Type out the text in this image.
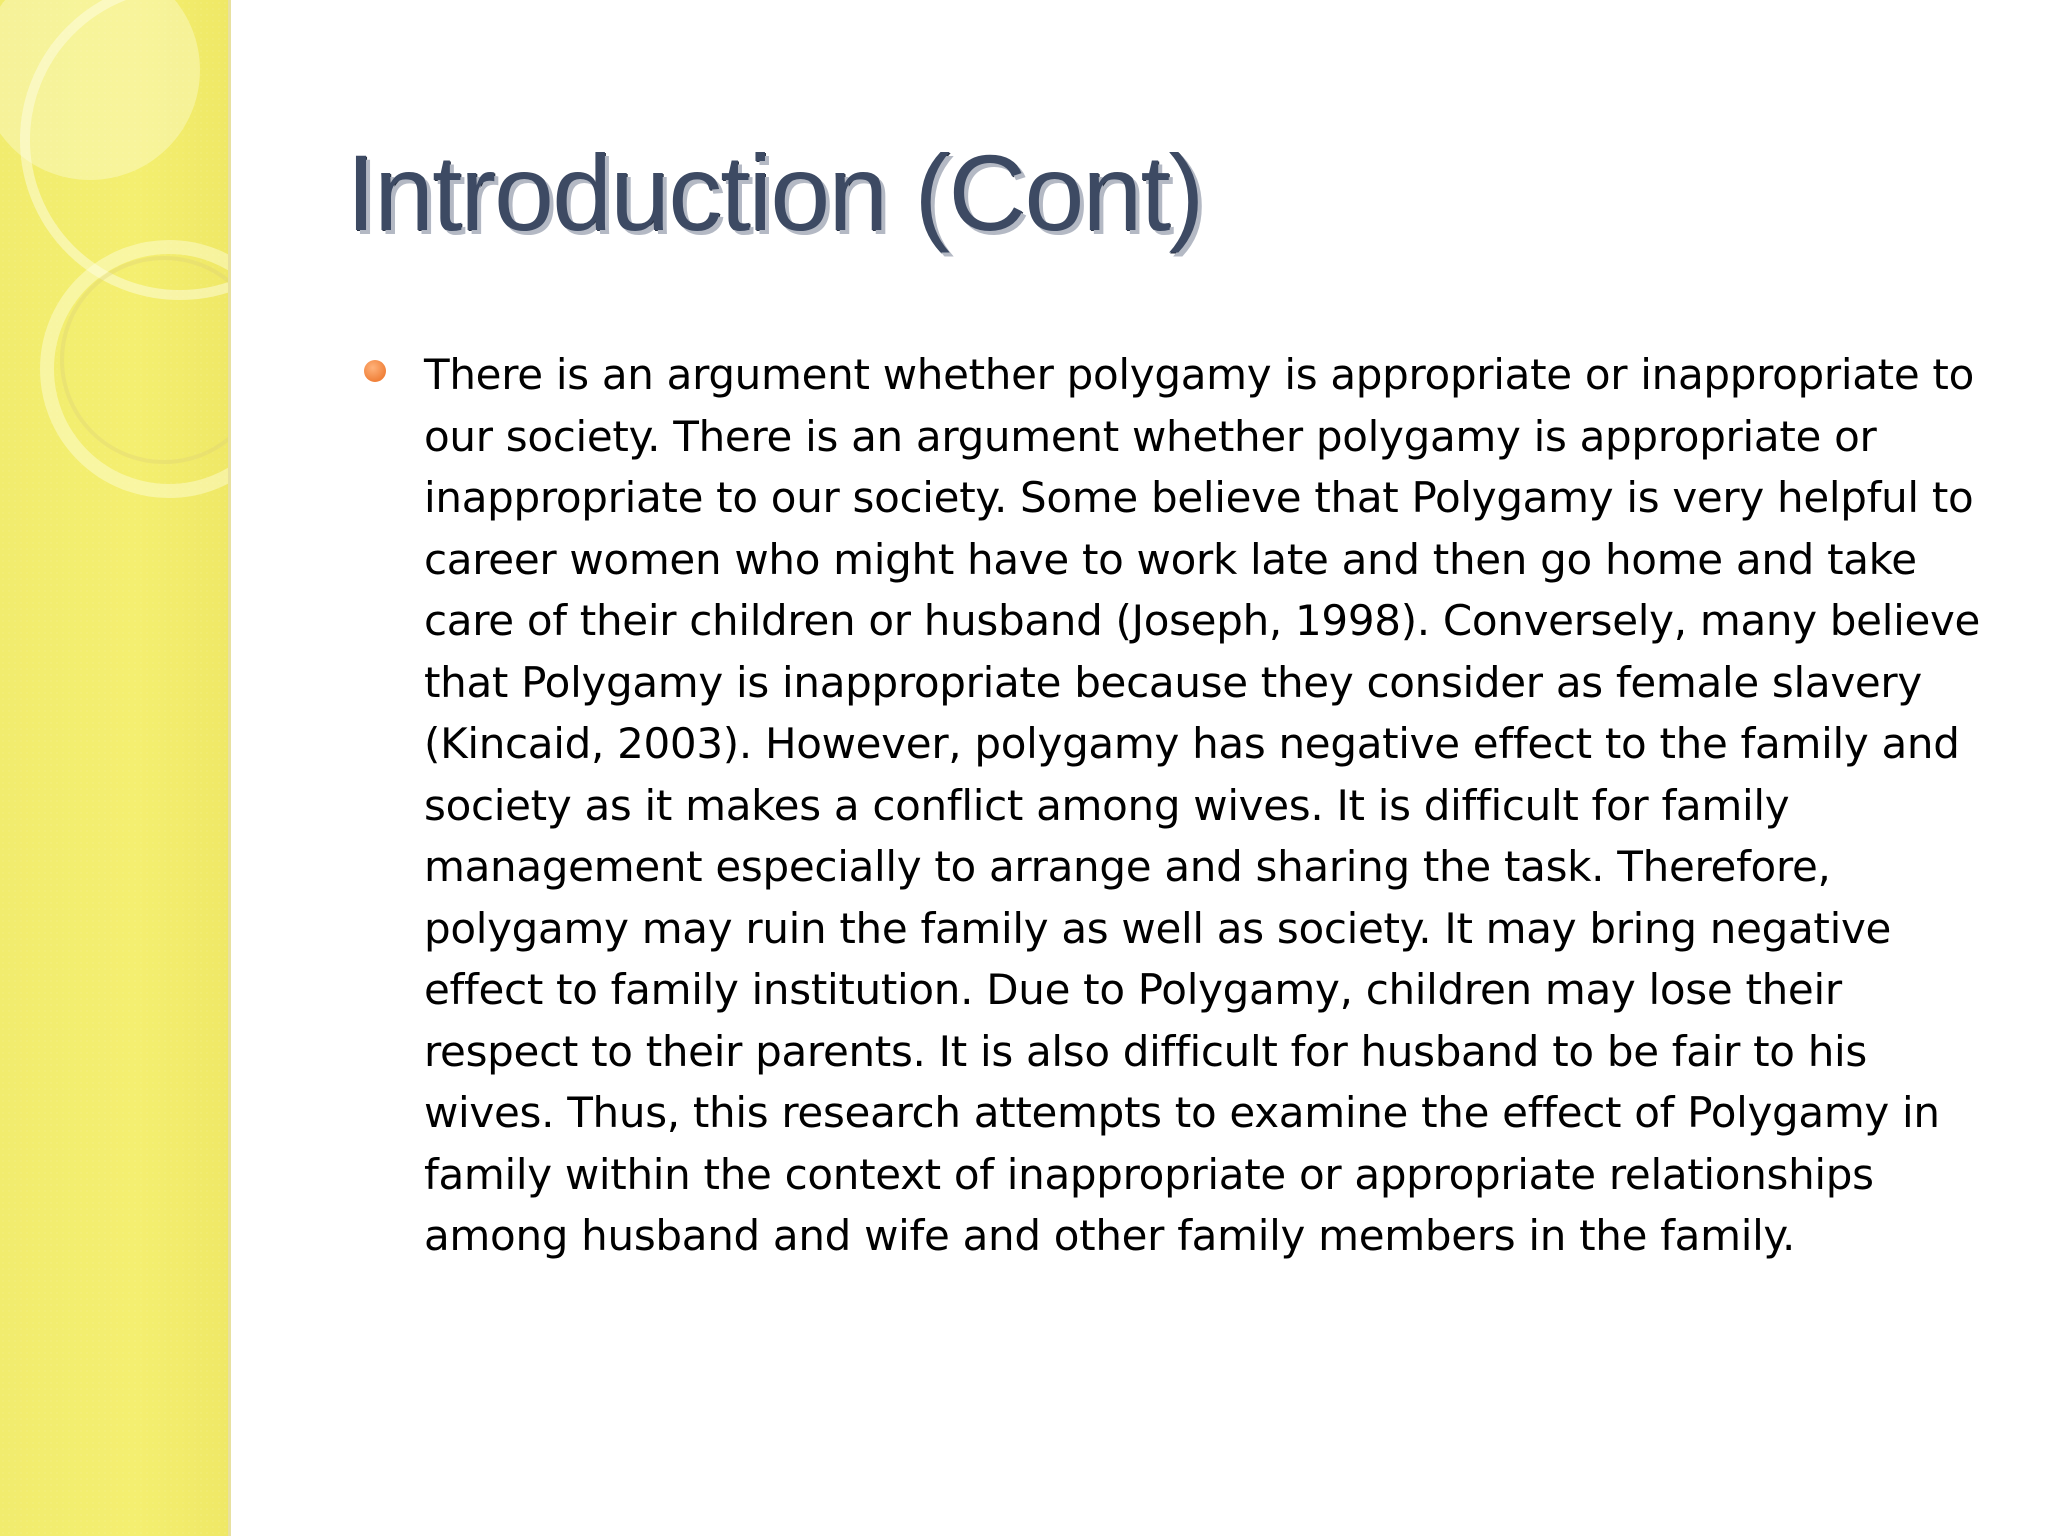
Introduction (Cont)

There is an argument whether polygamy is appropriate or inappropriate to our society. There is an argument whether polygamy is appropriate or inappropriate to our society. Some believe that Polygamy is very helpful to career women who might have to work late and then go home and take care of their children or husband (Joseph, 1998). Conversely, many believe that Polygamy is inappropriate because they consider as female slavery (Kincaid, 2003). However, polygamy has negative effect to the family and society as it makes a conflict among wives. It is difficult for family management especially to arrange and sharing the task. Therefore, polygamy may ruin the family as well as society. It may bring negative effect to family institution. Due to Polygamy, children may lose their respect to their parents. It is also difficult for husband to be fair to his wives. Thus, this research attempts to examine the effect of Polygamy in family within the context of inappropriate or appropriate relationships among husband and wife and other family members in the family.
